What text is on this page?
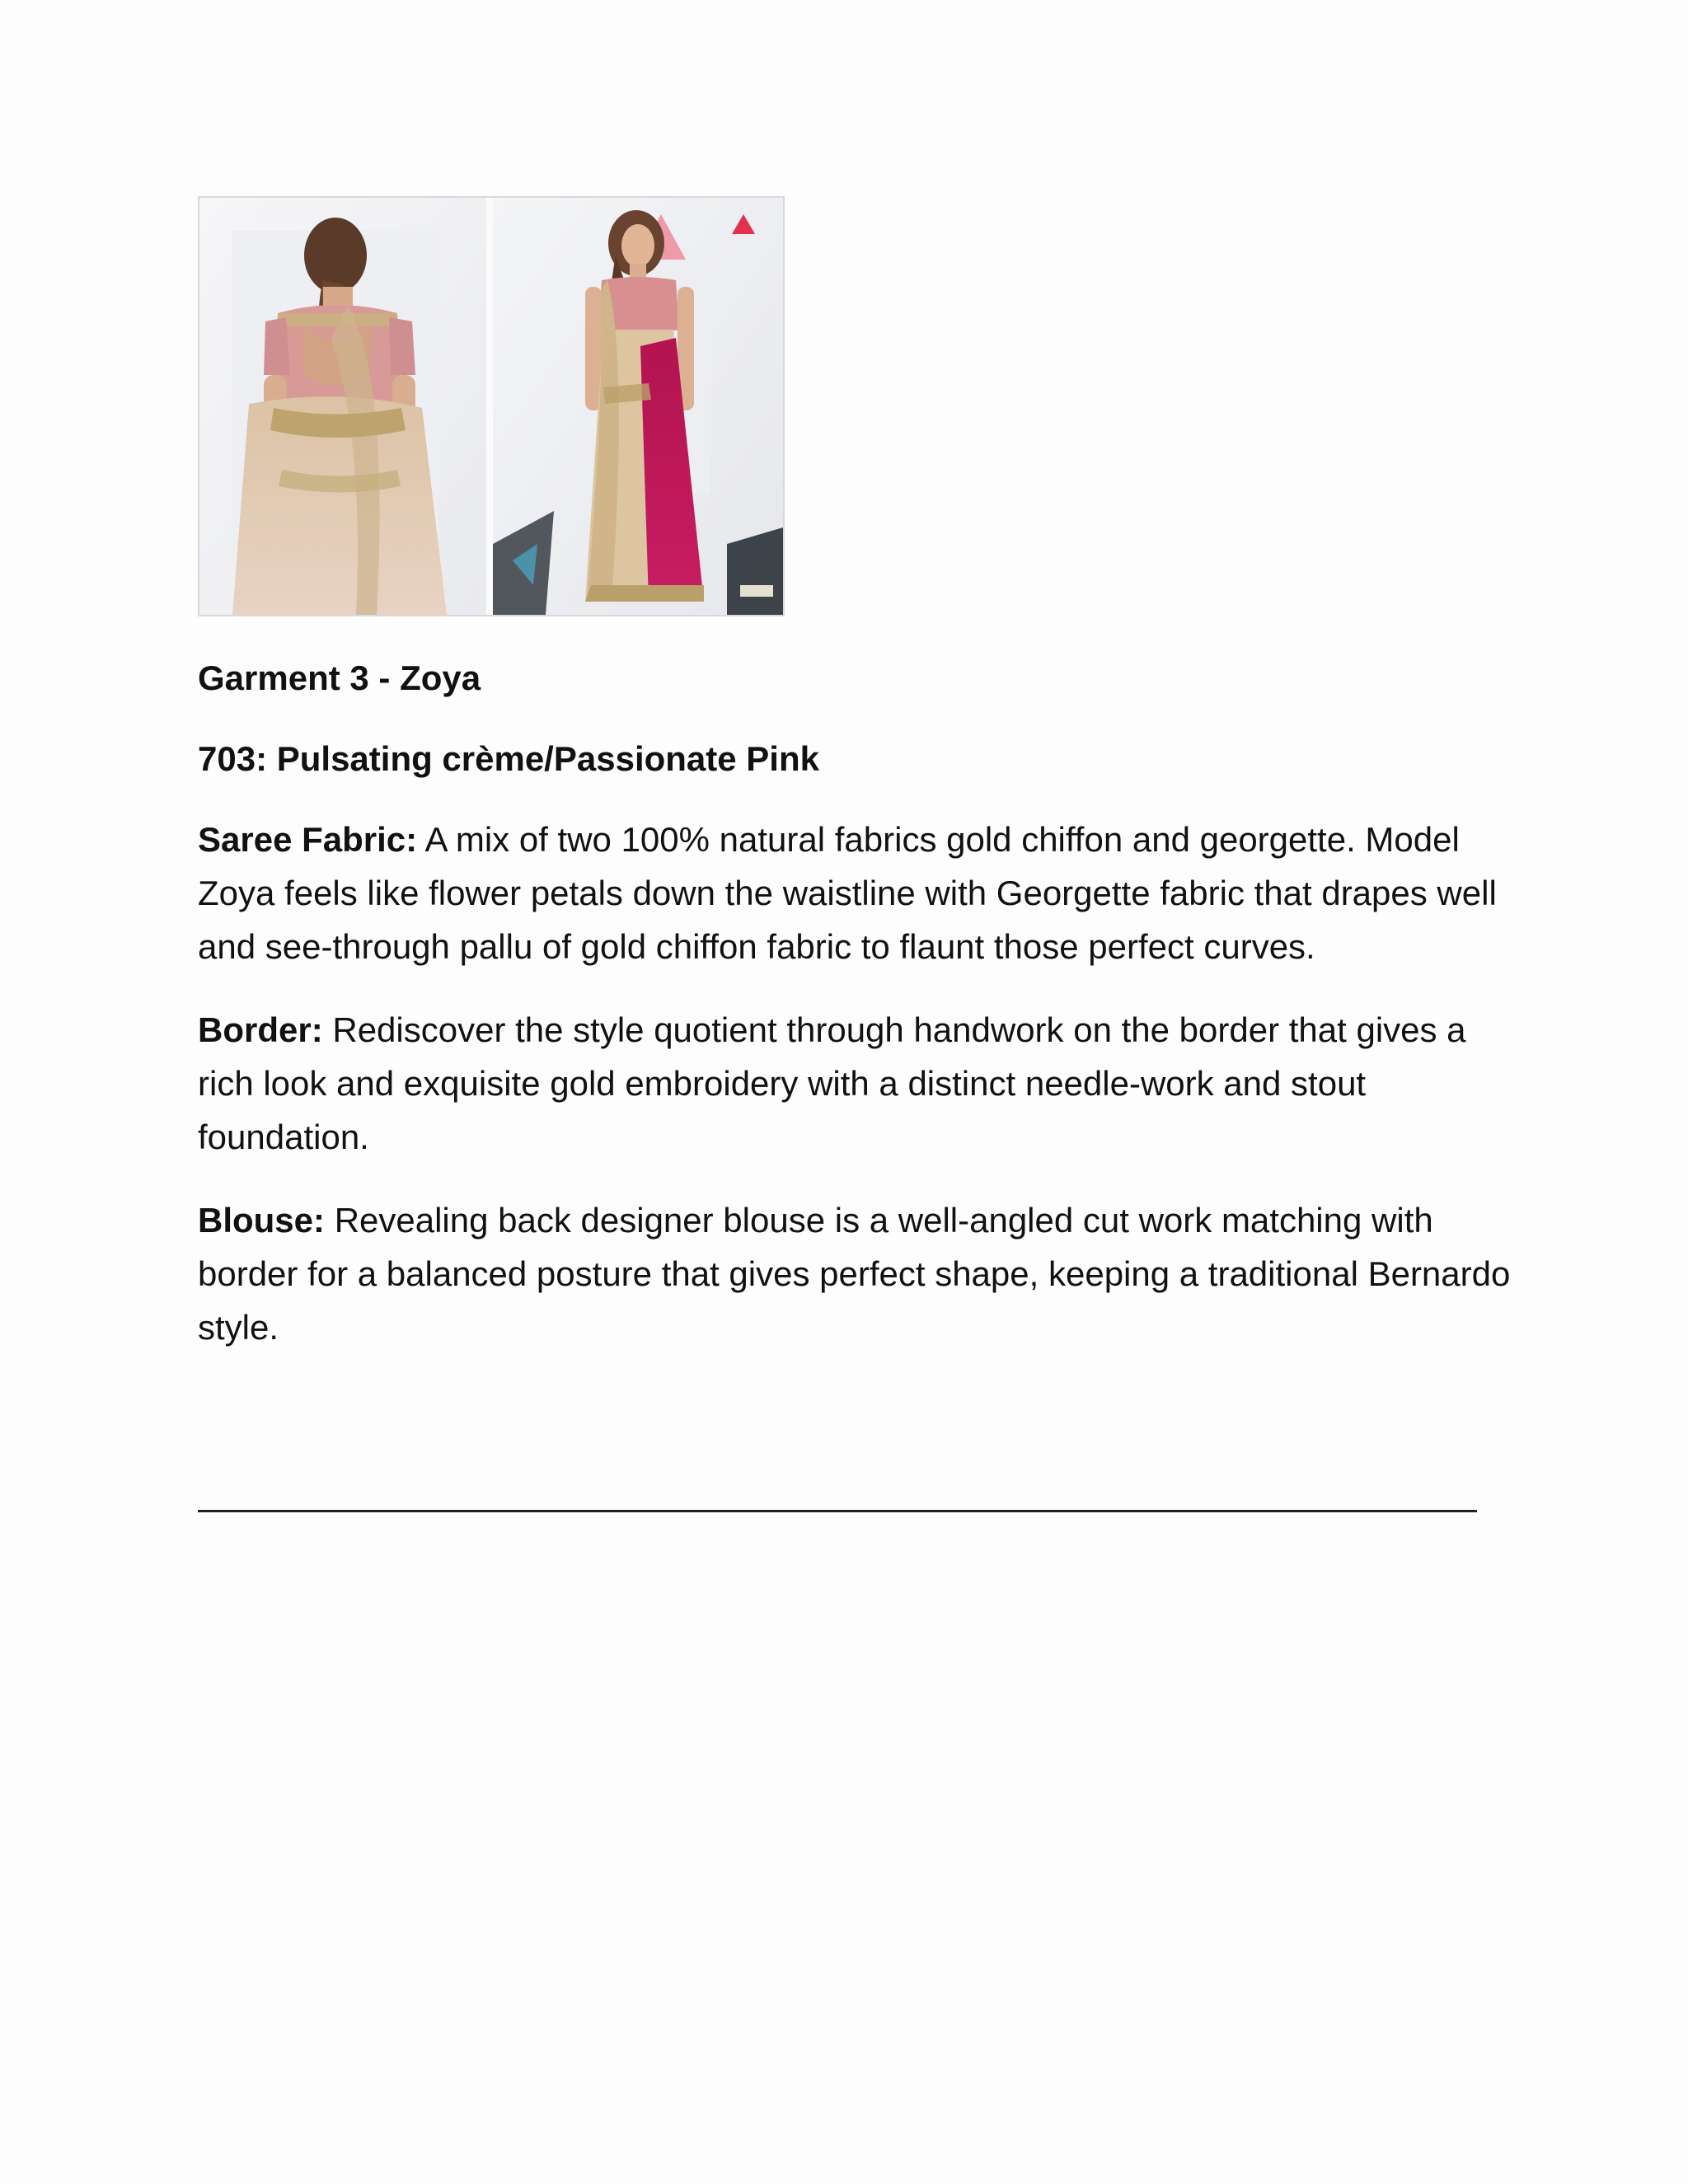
Garment 3 - Zoya
703: Pulsating crème/Passionate Pink
Saree Fabric: A mix of two 100% natural fabrics gold chiffon and georgette. Model Zoya feels like flower petals down the waistline with Georgette fabric that drapes well and see-through pallu of gold chiffon fabric to flaunt those perfect curves.
Border: Rediscover the style quotient through handwork on the border that gives a rich look and exquisite gold embroidery with a distinct needle-work and stout foundation.
Blouse: Revealing back designer blouse is a well-angled cut work matching with border for a balanced posture that gives perfect shape, keeping a traditional Bernardo style.
